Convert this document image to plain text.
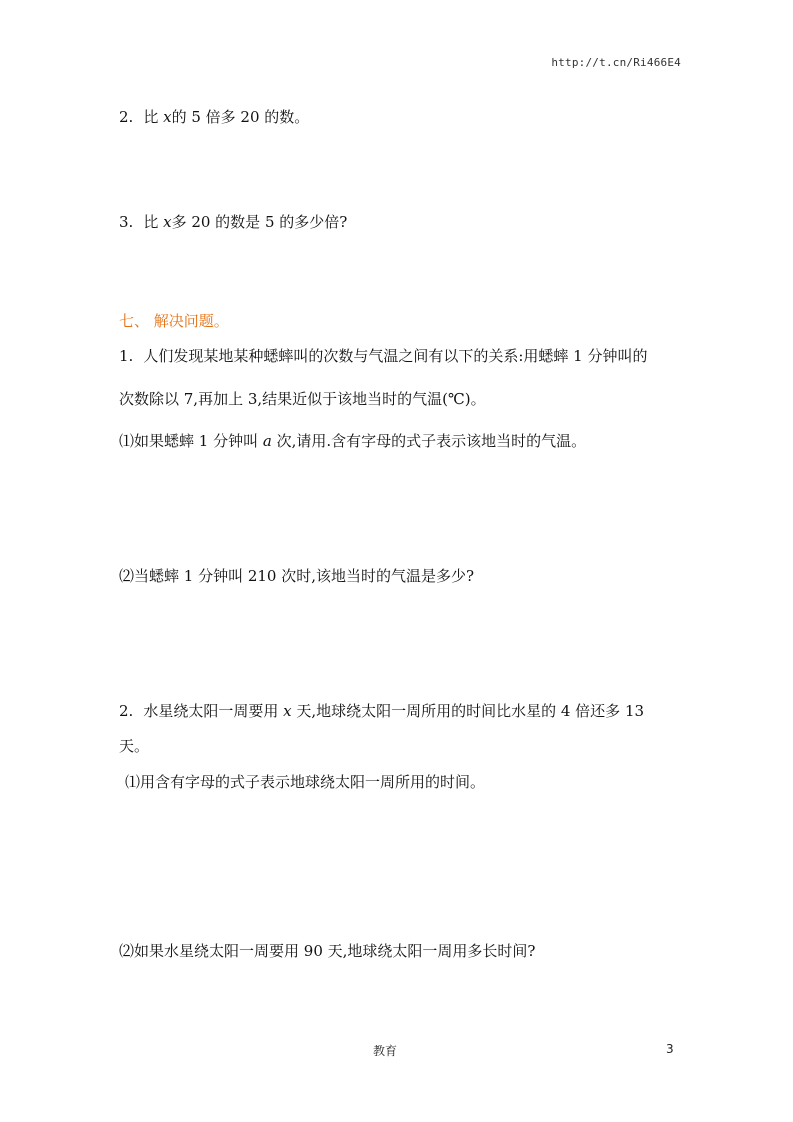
http://t.cn/Ri466E4
2. 比 x的 5 倍多 20 的数。
3. 比 x多 20 的数是 5 的多少倍?
七、 解决问题。
1. 人们发现某地某种蟋蟀叫的次数与气温之间有以下的关系:用蟋蟀 1 分钟叫的
次数除以 7,再加上 3,结果近似于该地当时的气温(℃)。
⑴如果蟋蟀 1 分钟叫 a 次,请用.含有字母的式子表示该地当时的气温。
⑵当蟋蟀 1 分钟叫 210 次时,该地当时的气温是多少?
2. 水星绕太阳一周要用 x 天,地球绕太阳一周所用的时间比水星的 4 倍还多 13
天。
⑴用含有字母的式子表示地球绕太阳一周所用的时间。
⑵如果水星绕太阳一周要用 90 天,地球绕太阳一周用多长时间?
教育	3
